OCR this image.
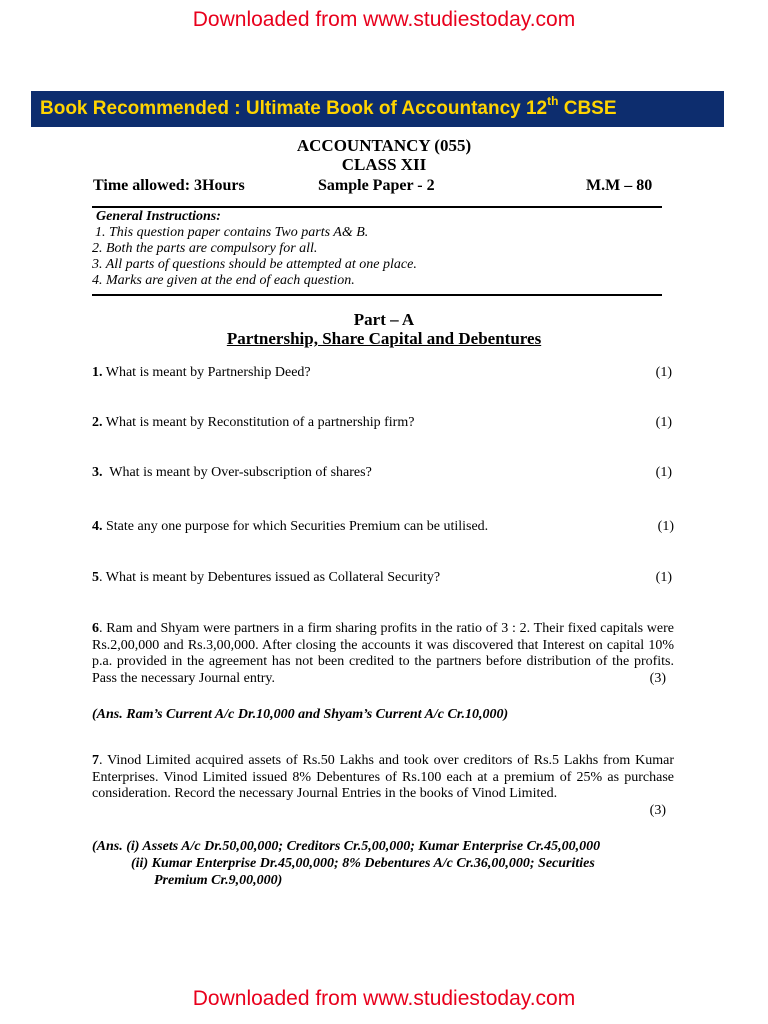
Downloaded from www.studiestoday.com
Book Recommended : Ultimate Book of Accountancy 12th CBSE
ACCOUNTANCY (055)
CLASS XII
Time allowed: 3Hours	Sample Paper - 2	M.M – 80
General Instructions:
1. This question paper contains Two parts A& B.
2. Both the parts are compulsory for all.
3. All parts of questions should be attempted at one place.
4. Marks are given at the end of each question.
Part – A
Partnership, Share Capital and Debentures
1. What is meant by Partnership Deed?	(1)
2. What is meant by Reconstitution of a partnership firm?	(1)
3.  What is meant by Over-subscription of shares?	(1)
4. State any one purpose for which Securities Premium can be utilised.	(1)
5. What is meant by Debentures issued as Collateral Security?	(1)
6. Ram and Shyam were partners in a firm sharing profits in the ratio of 3 : 2. Their fixed capitals were Rs.2,00,000 and Rs.3,00,000. After closing the accounts it was discovered that Interest on capital 10% p.a. provided in the agreement has not been credited to the partners before distribution of the profits. Pass the necessary Journal entry.	(3)
(Ans. Ram’s Current A/c Dr.10,000 and Shyam’s Current A/c Cr.10,000)
7. Vinod Limited acquired assets of Rs.50 Lakhs and took over creditors of Rs.5 Lakhs from Kumar Enterprises. Vinod Limited issued 8% Debentures of Rs.100 each at a premium of 25% as purchase consideration. Record the necessary Journal Entries in the books of Vinod Limited.
(3)
(Ans. (i) Assets A/c Dr.50,00,000; Creditors Cr.5,00,000; Kumar Enterprise Cr.45,00,000
(ii) Kumar Enterprise Dr.45,00,000; 8% Debentures A/c Cr.36,00,000; Securities
Premium Cr.9,00,000)
Downloaded from www.studiestoday.com
